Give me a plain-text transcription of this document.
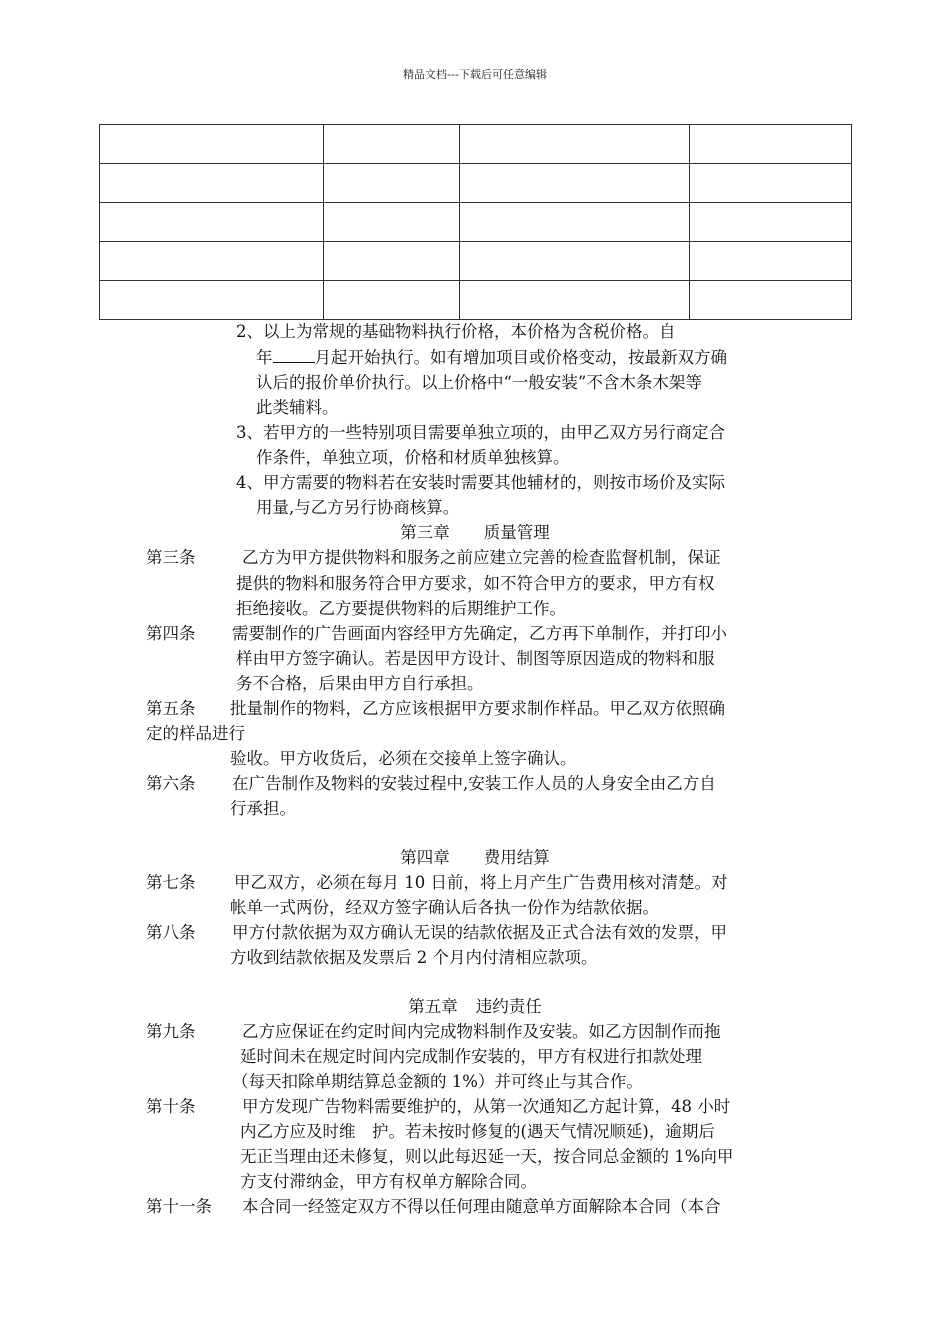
精品文档---下载后可任意编辑

2、以上为常规的基础物料执行价格，本价格为含税价格。自
年	月起开始执行。如有增加项目或价格变动，按最新双方确
认后的报价单价执行。以上价格中“一般安装”不含木条木架等
此类辅料。
3、若甲方的一些特别项目需要单独立项的，由甲乙双方另行商定合
作条件，单独立项，价格和材质单独核算。
4、甲方需要的物料若在安装时需要其他辅材的，则按市场价及实际
用量,与乙方另行协商核算。
第三章 质量管理
第三条	乙方为甲方提供物料和服务之前应建立完善的检查监督机制，保证
提供的物料和服务符合甲方要求，如不符合甲方的要求，甲方有权
拒绝接收。乙方要提供物料的后期维护工作。
第四条 需要制作的广告画面内容经甲方先确定，乙方再下单制作，并打印小
样由甲方签字确认。若是因甲方设计、制图等原因造成的物料和服
务不合格，后果由甲方自行承担。
第五条 批量制作的物料，乙方应该根据甲方要求制作样品。甲乙双方依照确
定的样品进行
验收。甲方收货后，必须在交接单上签字确认。
第六条 在广告制作及物料的安装过程中,安装工作人员的人身安全由乙方自
行承担。
第四章 费用结算
第七条 甲乙双方，必须在每月 10 日前，将上月产生广告费用核对清楚。对
帐单一式两份，经双方签字确认后各执一份作为结款依据。
第八条 甲方付款依据为双方确认无误的结款依据及正式合法有效的发票，甲
方收到结款依据及发票后 2 个月内付清相应款项。
第五章 违约责任
第九条	乙方应保证在约定时间内完成物料制作及安装。如乙方因制作而拖
延时间未在规定时间内完成制作安装的，甲方有权进行扣款处理
（每天扣除单期结算总金额的 1%）并可终止与其合作。
第十条	甲方发现广告物料需要维护的，从第一次通知乙方起计算，48 小时
内乙方应及时维　护。若未按时修复的(遇天气情况顺延)，逾期后
无正当理由还未修复，则以此每迟延一天，按合同总金额的 1%向甲
方支付滞纳金，甲方有权单方解除合同。
第十一条 本合同一经签定双方不得以任何理由随意单方面解除本合同（本合
